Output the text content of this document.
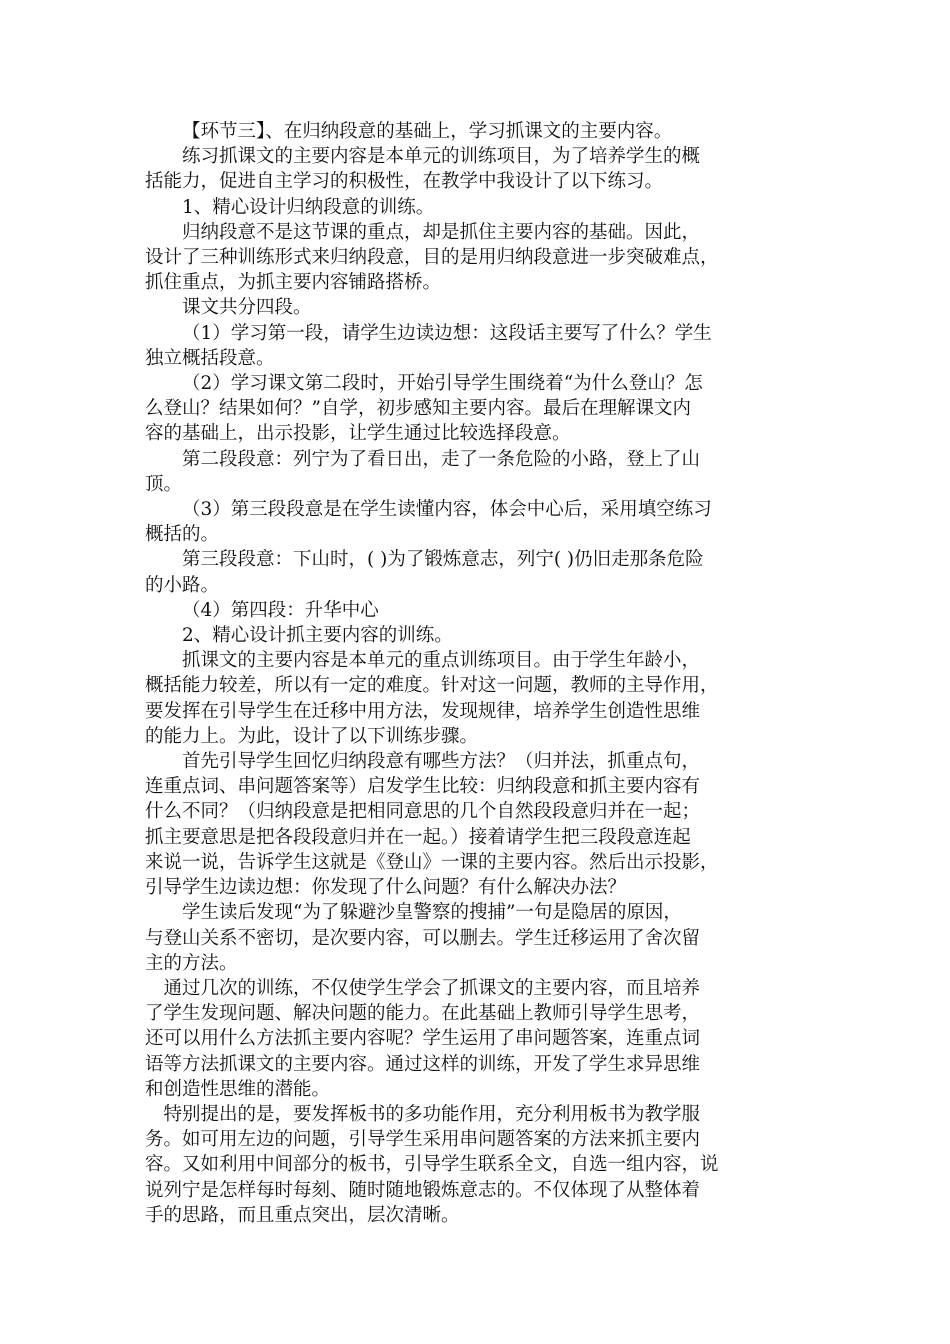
【环节三】、在归纳段意的基础上，学习抓课文的主要内容。

练习抓课文的主要内容是本单元的训练项目，为了培养学生的概
括能力，促进自主学习的积极性，在教学中我设计了以下练习。

1、精心设计归纳段意的训练。

归纳段意不是这节课的重点，却是抓住主要内容的基础。因此，
设计了三种训练形式来归纳段意，目的是用归纳段意进一步突破难点，
抓住重点，为抓主要内容铺路搭桥。

课文共分四段。

（1）学习第一段，请学生边读边想：这段话主要写了什么？学生
独立概括段意。

（2）学习课文第二段时，开始引导学生围绕着“为什么登山？怎
么登山？结果如何？”自学，初步感知主要内容。最后在理解课文内
容的基础上，出示投影，让学生通过比较选择段意。

第二段段意：列宁为了看日出，走了一条危险的小路，登上了山
顶。

（3）第三段段意是在学生读懂内容，体会中心后，采用填空练习
概括的。

第三段段意：下山时，( )为了锻炼意志，列宁( )仍旧走那条危险
的小路。

（4）第四段：升华中心

2、精心设计抓主要内容的训练。

抓课文的主要内容是本单元的重点训练项目。由于学生年龄小，
概括能力较差，所以有一定的难度。针对这一问题，教师的主导作用，
要发挥在引导学生在迁移中用方法，发现规律，培养学生创造性思维
的能力上。为此，设计了以下训练步骤。

首先引导学生回忆归纳段意有哪些方法？（归并法，抓重点句，
连重点词、串问题答案等）启发学生比较：归纳段意和抓主要内容有
什么不同？（归纳段意是把相同意思的几个自然段段意归并在一起；
抓主要意思是把各段段意归并在一起。）接着请学生把三段段意连起
来说一说，告诉学生这就是《登山》一课的主要内容。然后出示投影，
引导学生边读边想：你发现了什么问题？有什么解决办法？

学生读后发现“为了躲避沙皇警察的搜捕”一句是隐居的原因，
与登山关系不密切，是次要内容，可以删去。学生迁移运用了舍次留
主的方法。

通过几次的训练，不仅使学生学会了抓课文的主要内容，而且培养
了学生发现问题、解决问题的能力。在此基础上教师引导学生思考，
还可以用什么方法抓主要内容呢？学生运用了串问题答案，连重点词
语等方法抓课文的主要内容。通过这样的训练，开发了学生求异思维
和创造性思维的潜能。

特别提出的是，要发挥板书的多功能作用，充分利用板书为教学服
务。如可用左边的问题，引导学生采用串问题答案的方法来抓主要内
容。又如利用中间部分的板书，引导学生联系全文，自选一组内容，说
说列宁是怎样每时每刻、随时随地锻炼意志的。不仅体现了从整体着
手的思路，而且重点突出，层次清晰。
